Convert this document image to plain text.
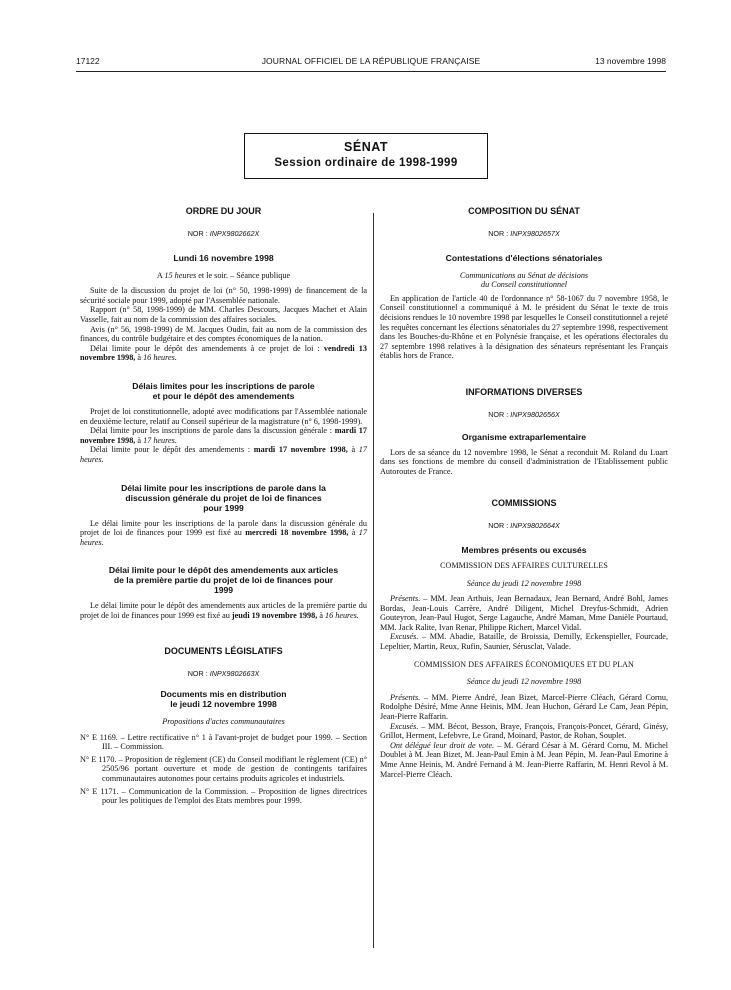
17122	JOURNAL OFFICIEL DE LA RÉPUBLIQUE FRANÇAISE	13 novembre 1998
SÉNAT
Session ordinaire de 1998-1999
ORDRE DU JOUR
NOR : INPX9802662X
Lundi 16 novembre 1998
A 15 heures et le soir. – Séance publique

Suite de la discussion du projet de loi (n° 50, 1998-1999) de financement de la sécurité sociale pour 1999, adopté par l'Assemblée nationale.

Rapport (n° 58, 1998-1999) de MM. Charles Descours, Jacques Machet et Alain Vasselle, fait au nom de la commission des affaires sociales.

Avis (n° 56, 1998-1999) de M. Jacques Oudin, fait au nom de la commission des finances, du contrôle budgétaire et des comptes économiques de la nation.

Délai limite pour le dépôt des amendements à ce projet de loi : vendredi 13 novembre 1998, à 16 heures.

Délais limites pour les inscriptions de parole
et pour le dépôt des amendements

Projet de loi constitutionnelle, adopté avec modifications par l'Assemblée nationale en deuxième lecture, relatif au Conseil supérieur de la magistrature (n° 6, 1998-1999).

Délai limite pour les inscriptions de parole dans la discussion générale : mardi 17 novembre 1998, à 17 heures.

Délai limite pour le dépôt des amendements : mardi 17 novembre 1998, à 17 heures.

Délai limite pour les inscriptions de parole dans la
discussion générale du projet de loi de finances
pour 1999

Le délai limite pour les inscriptions de la parole dans la discussion générale du projet de loi de finances pour 1999 est fixé au mercredi 18 novembre 1998, à 17 heures.

Délai limite pour le dépôt des amendements aux articles
de la première partie du projet de loi de finances pour
1999

Le délai limite pour le dépôt des amendements aux articles de la première partie du projet de loi de finances pour 1999 est fixé au jeudi 19 novembre 1998, à 16 heures.

DOCUMENTS LÉGISLATIFS
NOR : INPX9802663X
Documents mis en distribution
le jeudi 12 novembre 1998
Propositions d'actes communautaires
N° E 1169. – Lettre rectificative n° 1 à l'avant-projet de budget pour 1999. – Section III. – Commission.
N° E 1170. – Proposition de règlement (CE) du Conseil modifiant le règlement (CE) n° 2505/96 portant ouverture et mode de gestion de contingents tarifaires communautaires autonomes pour certains produits agricoles et industriels.
N° E 1171. – Communication de la Commission. – Proposition de lignes directrices pour les politiques de l'emploi des Etats membres pour 1999.
COMPOSITION DU SÉNAT
NOR : INPX9802657X
Contestations d'élections sénatoriales
Communications au Sénat de décisions
du Conseil constitutionnel

En application de l'article 40 de l'ordonnance n° 58-1067 du 7 novembre 1958, le Conseil constitutionnel a communiqué à M. le président du Sénat le texte de trois décisions rendues le 10 novembre 1998 par lesquelles le Conseil constitutionnel a rejeté les requêtes concernant les élections sénatoriales du 27 septembre 1998, respectivement dans les Bouches-du-Rhône et en Polynésie française, et les opérations électorales du 27 septembre 1998 relatives à la désignation des sénateurs représentant les Français établis hors de France.

INFORMATIONS DIVERSES
NOR : INPX9802656X
Organisme extraparlementaire

Lors de sa séance du 12 novembre 1998, le Sénat a reconduit M. Roland du Luart dans ses fonctions de membre du conseil d'administration de l'Etablissement public Autoroutes de France.

COMMISSIONS
NOR : INPX9802664X
Membres présents ou excusés
COMMISSION DES AFFAIRES CULTURELLES
Séance du jeudi 12 novembre 1998

Présents. – MM. Jean Arthuis, Jean Bernadaux, Jean Bernard, André Bohl, James Bordas, Jean-Louis Carrère, André Diligent, Michel Dreyfus-Schmidt, Adrien Gouteyron, Jean-Paul Hugot, Serge Lagauche, André Maman, Mme Danièle Pourtaud, MM. Jack Ralite, Ivan Renar, Philippe Richert, Marcel Vidal.

Excusés. – MM. Abadie, Bataille, de Broissia, Demilly, Eckenspieller, Fourcade, Lepeltier, Martin, Reux, Rufin, Saunier, Sérusclat, Valade.

COMMISSION DES AFFAIRES ÉCONOMIQUES ET DU PLAN
Séance du jeudi 12 novembre 1998

Présents. – MM. Pierre André, Jean Bizet, Marcel-Pierre Cléach, Gérard Cornu, Rodolphe Désiré, Mme Anne Heinis, MM. Jean Huchon, Gérard Le Cam, Jean Pépin, Jean-Pierre Raffarin.

Excusés. – MM. Bécot, Besson, Braye, François, François-Poncet, Gérard, Ginésy, Grillot, Herment, Lefebvre, Le Grand, Moinard, Pastor, de Rohan, Souplet.

Ont délégué leur droit de vote. – M. Gérard César à M. Gérard Cornu, M. Michel Doublet à M. Jean Bizet, M. Jean-Paul Emin à M. Jean Pépin, M. Jean-Paul Emorine à Mme Anne Heinis, M. André Fernand à M. Jean-Pierre Raffarin, M. Henri Revol à M. Marcel-Pierre Cléach.
